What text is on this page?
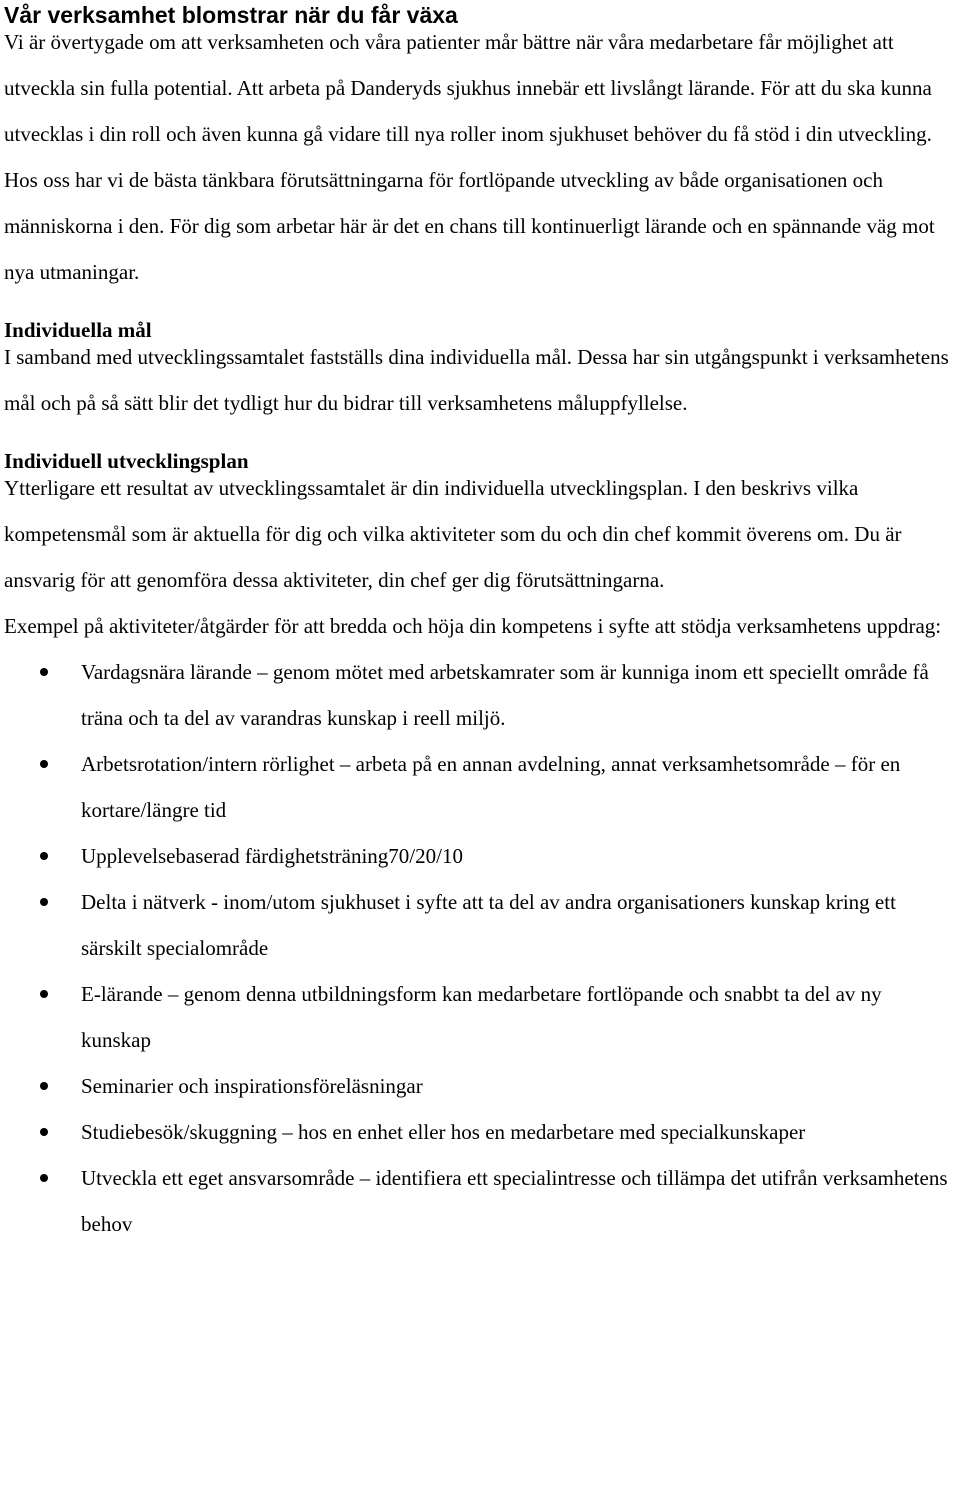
Vår verksamhet blomstrar när du får växa

Vi är övertygade om att verksamheten och våra patienter mår bättre när våra medarbetare får möjlighet att utveckla sin fulla potential. Att arbeta på Danderyds sjukhus innebär ett livslångt lärande. För att du ska kunna utvecklas i din roll och även kunna gå vidare till nya roller inom sjukhuset behöver du få stöd i din utveckling. Hos oss har vi de bästa tänkbara förutsättningarna för fortlöpande utveckling av både organisationen och människorna i den. För dig som arbetar här är det en chans till kontinuerligt lärande och en spännande väg mot nya utmaningar.

Individuella mål

I samband med utvecklingssamtalet fastställs dina individuella mål. Dessa har sin utgångspunkt i verksamhetens mål och på så sätt blir det tydligt hur du bidrar till verksamhetens måluppfyllelse.

Individuell utvecklingsplan

Ytterligare ett resultat av utvecklingssamtalet är din individuella utvecklingsplan. I den beskrivs vilka kompetensmål som är aktuella för dig och vilka aktiviteter som du och din chef kommit överens om. Du är ansvarig för att genomföra dessa aktiviteter, din chef ger dig förutsättningarna.

Exempel på aktiviteter/åtgärder för att bredda och höja din kompetens i syfte att stödja verksamhetens uppdrag:

Vardagsnära lärande – genom mötet med arbetskamrater som är kunniga inom ett speciellt område få träna och ta del av varandras kunskap i reell miljö.
Arbetsrotation/intern rörlighet – arbeta på en annan avdelning, annat verksamhetsområde – för en kortare/längre tid
Upplevelsebaserad färdighetsträning70/20/10
Delta i nätverk - inom/utom sjukhuset i syfte att ta del av andra organisationers kunskap kring ett särskilt specialområde
E-lärande – genom denna utbildningsform kan medarbetare fortlöpande och snabbt ta del av ny kunskap
Seminarier och inspirationsföreläsningar
Studiebesök/skuggning – hos en enhet eller hos en medarbetare med specialkunskaper
Utveckla ett eget ansvarsområde – identifiera ett specialintresse och tillämpa det utifrån verksamhetens behov
